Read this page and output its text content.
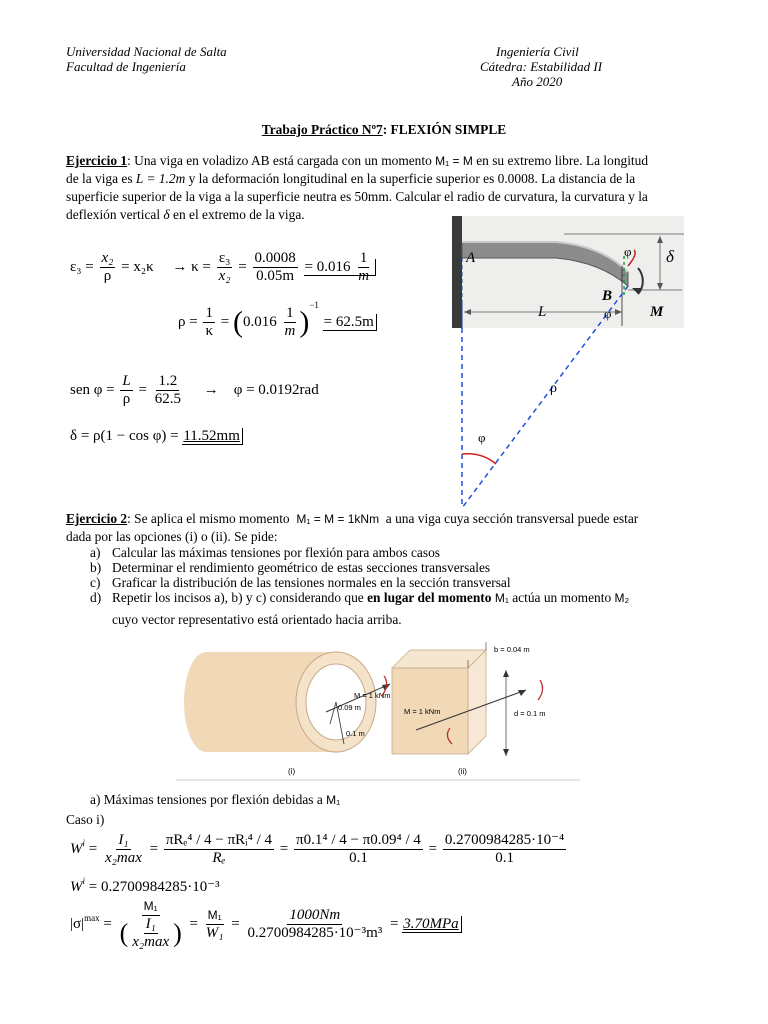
Universidad Nacional de Salta
Facultad de Ingeniería
Ingeniería Civil
Cátedra: Estabilidad II
Año 2020
Trabajo Práctico Nº7: FLEXIÓN SIMPLE
Ejercicio 1: Una viga en voladizo AB está cargada con un momento M₁ = M en su extremo libre. La longitud
de la viga es L = 1.2m y la deformación longitudinal en la superficie superior es 0.0008. La distancia de la
superficie superior de la viga a la superficie neutra es 50mm. Calcular el radio de curvatura, la curvatura y la
deflexión vertical δ en el extremo de la viga.
$\varepsilon_3 = \frac{\text{x₂}}{\rho} = x_2\kappa \to \kappa = \frac{\text{ε₃}}{\text{x₂}} = \frac{0.0008}{0.05m} = 0.016 \frac{1}{m}$
$\rho = \frac{1}{\kappa} = (0.016 \frac{1}{m} )^{-1} = 62.5m$
sen $\varphi = \frac{L}{\rho} = \frac{1.2}{62.5} \to \varphi = 0.0192rad$
δ = ρ(1 − cos φ) = 11.52mm
A
B
L	M
δ
φ
φ
ρ
φ
Ejercicio 2: Se aplica el mismo momento M₁ = M = 1kNm a una viga cuya sección transversal puede estar
dada por las opciones (i) o (ii). Se pide:
a) Calcular las máximas tensiones por flexión para ambos casos
b) Determinar el rendimiento geométrico de estas secciones transversales
c) Graficar la distribución de las tensiones normales en la sección transversal
d) Repetir los incisos a), b) y c) considerando que en lugar del momento M₁ actúa un momento M₂
cuyo vector representativo está orientado hacia arriba.
0.09 m
0.1 m
M = 1 kNm
(i)
b = 0.04 m
d = 0.1 m
M = 1 kNm
(ii)
a) Máximas tensiones por flexión debidas a M₁
Caso i)
$W^i = \frac{\text{I₁}}{\text{x₂max}} = \frac{\text{πRₑ⁴ / 4 − πRᵢ⁴ / 4}}{\text{Rₑ}} = \frac{\text{π0.1⁴ / 4 − π0.09⁴ / 4}}{0.1} = \frac{\text{0.2700984285·10⁻⁴}}{0.1}$
$W^i = 0.2700984285\cdot 10^{-3}$
$|\sigma|^{max} = \frac{\text{M₁}}{( \frac{\text{I₁}}{\text{x₂max}} )} = \frac{\text{M₁}}{\text{W₁}} = \frac{1000Nm}{\text{0.2700984285·10⁻³m³}} = 3.70MPa$
